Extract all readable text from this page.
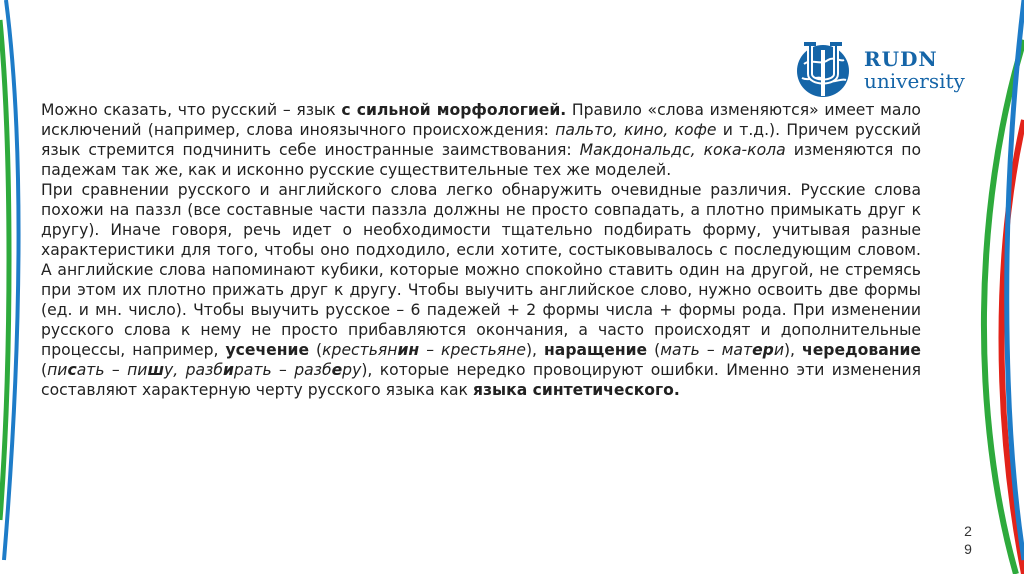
RUDN
university

Можно сказать, что русский – язык с сильной морфологией. Правило «слова изменяются» имеет мало исключений (например, слова иноязычного происхождения: пальто, кино, кофе и т.д.). Причем русский язык стремится подчинить себе иностранные заимствования: Макдональдс, кока-кола изменяются по падежам так же, как и исконно русские существительные тех же моделей.

При сравнении русского и английского слова легко обнаружить очевидные различия. Русские слова похожи на паззл (все составные части паззла должны не просто совпадать, а плотно примыкать друг к другу). Иначе говоря, речь идет о необходимости тщательно подбирать форму, учитывая разные характеристики для того, чтобы оно подходило, если хотите, состыковывалось с последующим словом. А английские слова напоминают кубики, которые можно спокойно ставить один на другой, не стремясь при этом их плотно прижать друг к другу. Чтобы выучить английское слово, нужно освоить две формы (ед. и мн. число). Чтобы выучить русское – 6 падежей + 2 формы числа + формы рода. При изменении русского слова к нему не просто прибавляются окончания, а часто происходят и дополнительные процессы, например, усечение (крестьянин – крестьяне), наращение (мать – матери), чередование (писать – пишу, разбирать – разберу), которые нередко провоцируют ошибки. Именно эти изменения составляют характерную черту русского языка как языка синтетического.

2
9
